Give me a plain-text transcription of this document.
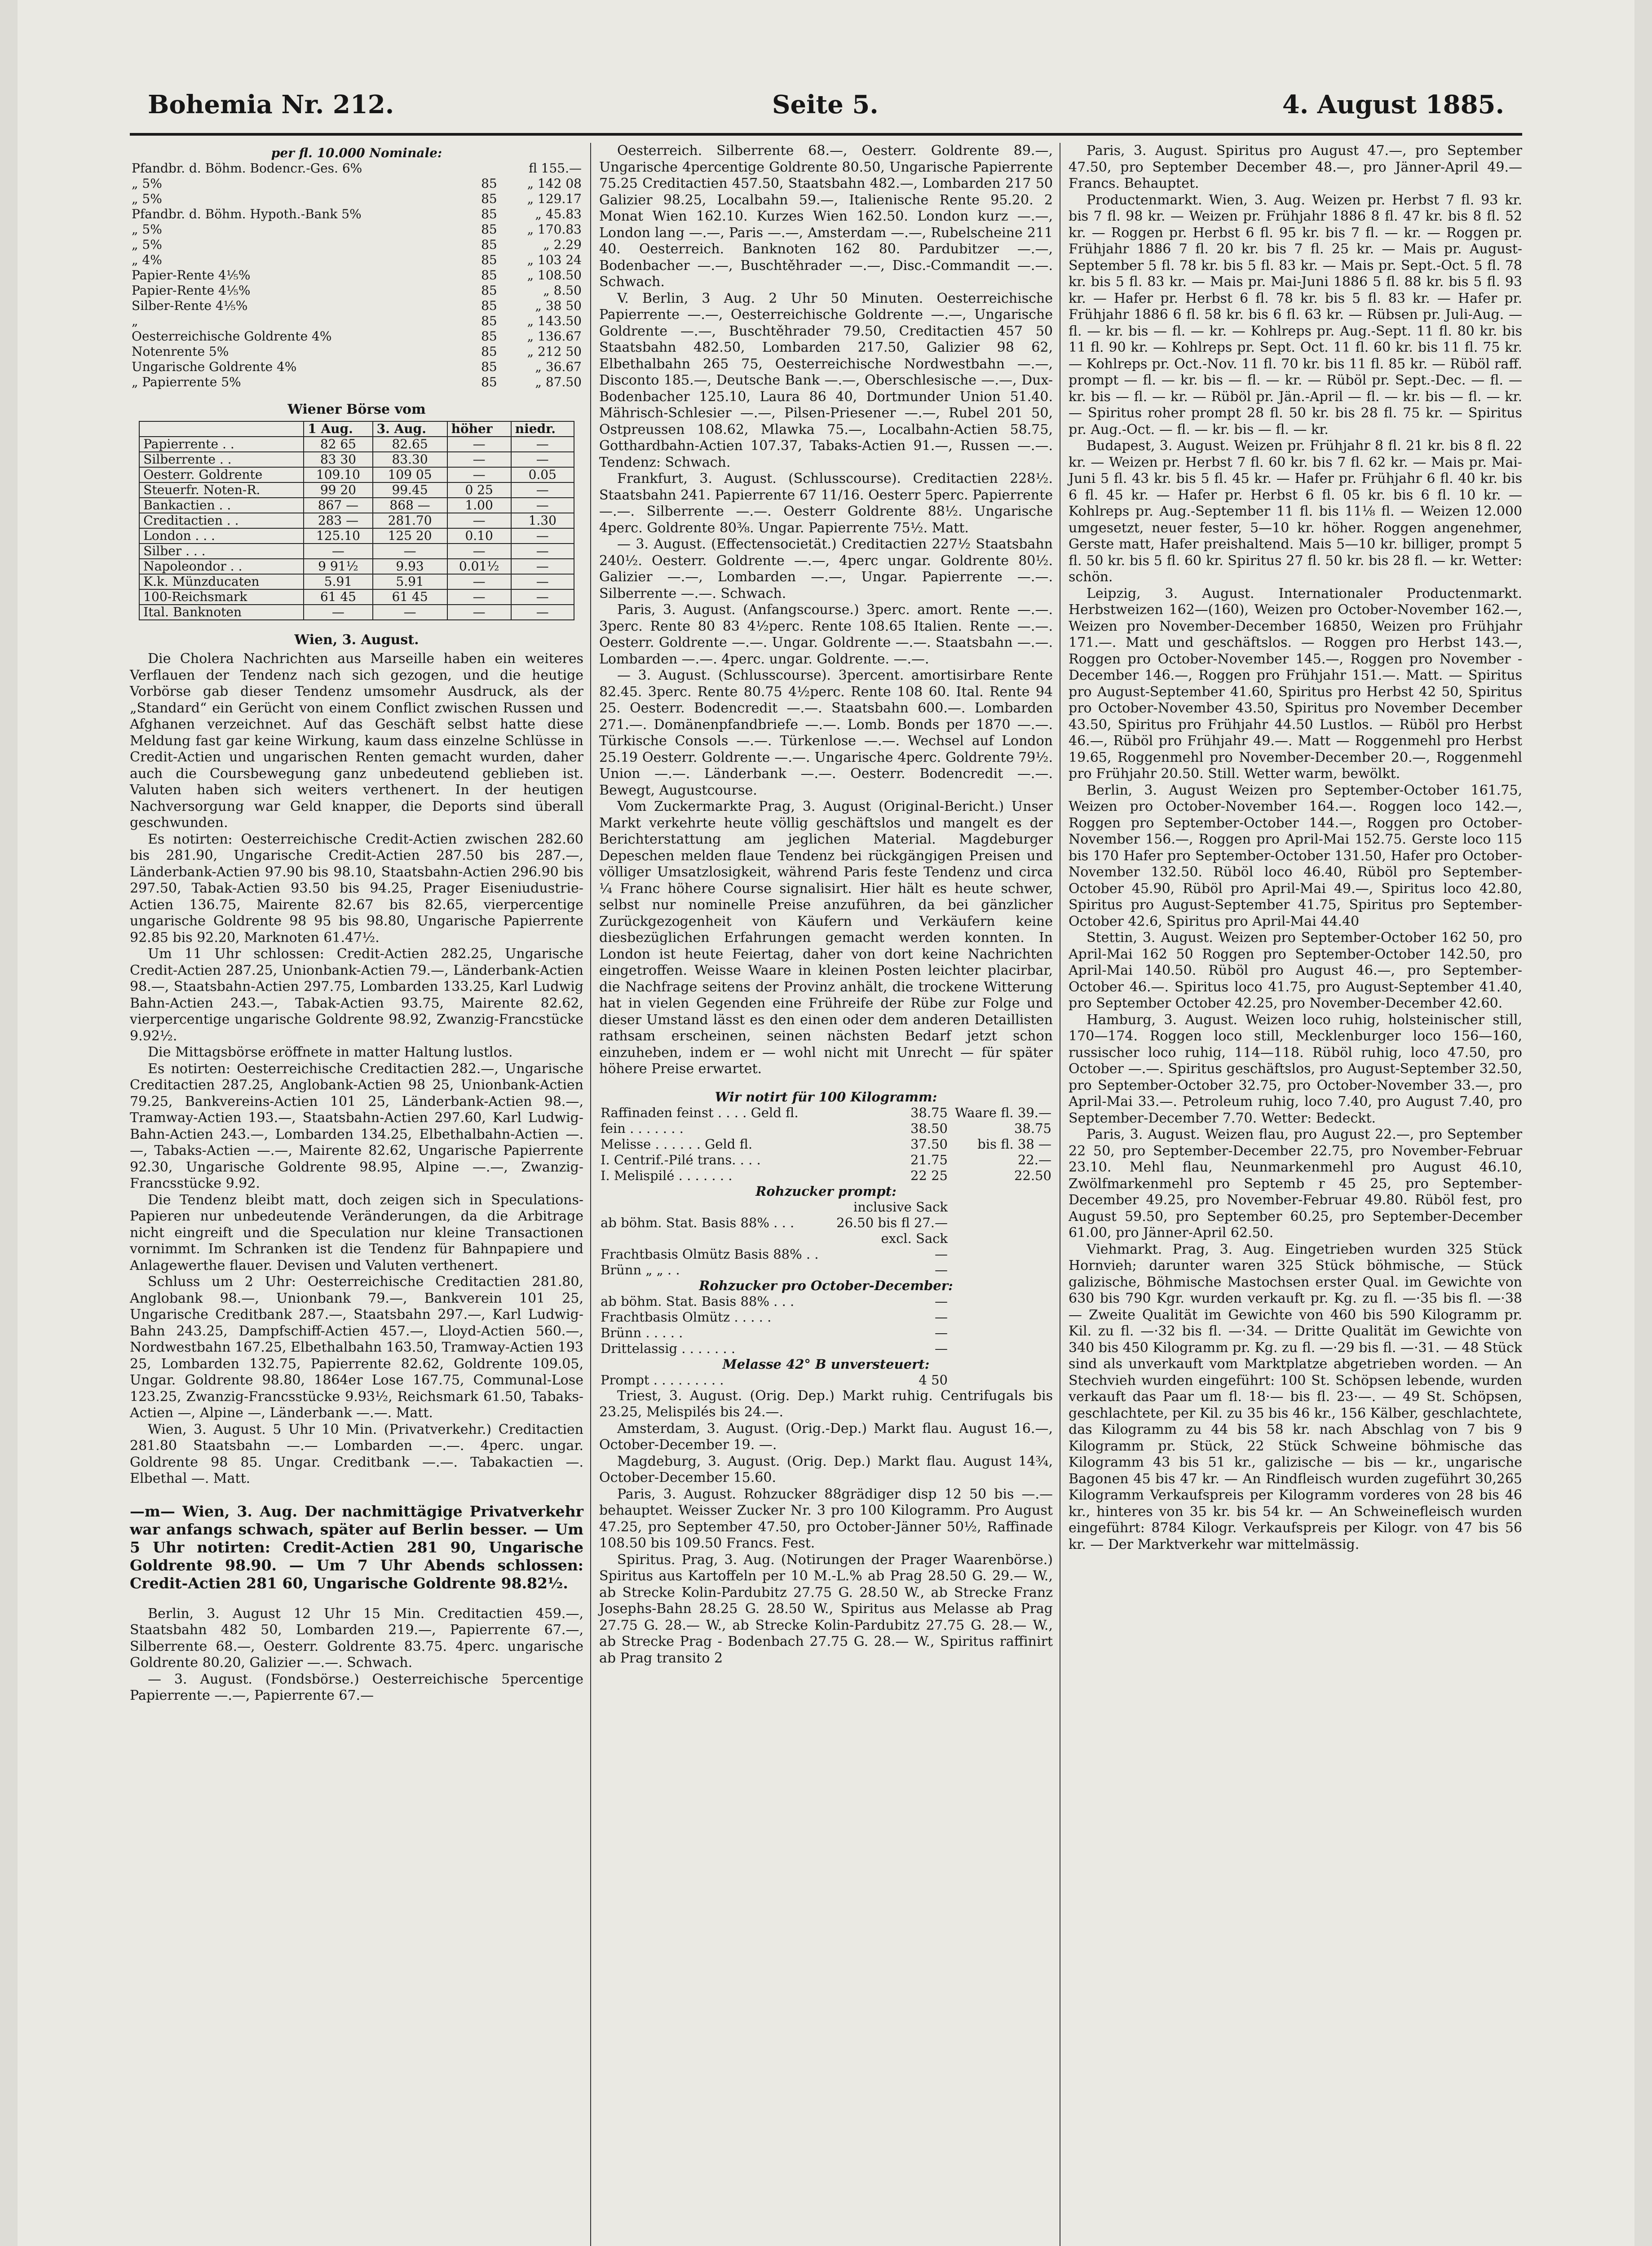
Bohemia Nr. 212.	Seite 5.	4. August 1885.
per fl. 10.000 Nominale:		
Pfandbr. d. Böhm. Bodencr.-Ges. 6%		fl 155.—
„ 5%	85	„ 142 08
„ 5%	85	„ 129.17
Pfandbr. d. Böhm. Hypoth.-Bank 5%	85	„ 45.83
„ 5%	85	„ 170.83
„ 5%	85	„ 2.29
„ 4%	85	„ 103 24
Papier-Rente 4⅕%	85	„ 108.50
Papier-Rente 4⅕%	85	„ 8.50
Silber-Rente 4⅕%	85	„ 38 50
„	85	„ 143.50
Oesterreichische Goldrente 4%	85	„ 136.67
Notenrente 5%	85	„ 212 50
Ungarische Goldrente 4%	85	„ 36.67
„ Papierrente 5%	85	„ 87.50
Wiener Börse vom
	1 Aug.	3. Aug.	höher	niedr.
Papierrente . .	82 65	82.65	—	—
Silberrente . .	83 30	83.30	—	—
Oesterr. Goldrente	109.10	109 05	—	0.05
Steuerfr. Noten-R.	99 20	99.45	0 25	—
Bankactien . .	867 —	868 —	1.00	—
Creditactien . .	283 —	281.70	—	1.30
London . . .	125.10	125 20	0.10	—
Silber . . .	—	—	—	—
Napoleondor . .	9 91½	9.93	0.01½	—
K.k. Münzducaten	5.91	5.91	—	—
100-Reichsmark	61 45	61 45	—	—
Ital. Banknoten	—	—	—	—
Wien, 3. August.

Die Cholera Nachrichten aus Marseille haben ein weiteres Verflauen der Tendenz nach sich gezogen, und die heutige Vorbörse gab dieser Tendenz umsomehr Ausdruck, als der „Standard“ ein Gerücht von einem Conflict zwischen Russen und Afghanen verzeichnet. Auf das Geschäft selbst hatte diese Meldung fast gar keine Wirkung, kaum dass einzelne Schlüsse in Credit-Actien und ungarischen Renten gemacht wurden, daher auch die Coursbewegung ganz unbedeutend geblieben ist. Valuten haben sich weiters verthenert. In der heutigen Nachversorgung war Geld knapper, die Deports sind überall geschwunden.

Es notirten: Oesterreichische Credit-Actien zwischen 282.60 bis 281.90, Ungarische Credit-Actien 287.50 bis 287.—, Länderbank-Actien 97.90 bis 98.10, Staatsbahn-Actien 296.90 bis 297.50, Tabak-Actien 93.50 bis 94.25, Prager Eiseniudustrie-Actien 136.75, Mairente 82.67 bis 82.65, vierpercentige ungarische Goldrente 98 95 bis 98.80, Ungarische Papierrente 92.85 bis 92.20, Marknoten 61.47½.

Um 11 Uhr schlossen: Credit-Actien 282.25, Ungarische Credit-Actien 287.25, Unionbank-Actien 79.—, Länderbank-Actien 98.—, Staatsbahn-Actien 297.75, Lombarden 133.25, Karl Ludwig Bahn-Actien 243.—, Tabak-Actien 93.75, Mairente 82.62, vierpercentige ungarische Goldrente 98.92, Zwanzig-Francstücke 9.92½.

Die Mittagsbörse eröffnete in matter Haltung lustlos.

Es notirten: Oesterreichische Creditactien 282.—, Ungarische Creditactien 287.25, Anglobank-Actien 98 25, Unionbank-Actien 79.25, Bankvereins-Actien 101 25, Länderbank-Actien 98.—, Tramway-Actien 193.—, Staatsbahn-Actien 297.60, Karl Ludwig-Bahn-Actien 243.—, Lombarden 134.25, Elbethalbahn-Actien —.—, Tabaks-Actien —.—, Mairente 82.62, Ungarische Papierrente 92.30, Ungarische Goldrente 98.95, Alpine —.—, Zwanzig-Francsstücke 9.92.

Die Tendenz bleibt matt, doch zeigen sich in Speculations-Papieren nur unbedeutende Veränderungen, da die Arbitrage nicht eingreift und die Speculation nur kleine Transactionen vornimmt. Im Schranken ist die Tendenz für Bahnpapiere und Anlagewerthe flauer. Devisen und Valuten verthenert.

Schluss um 2 Uhr: Oesterreichische Creditactien 281.80, Anglobank 98.—, Unionbank 79.—, Bankverein 101 25, Ungarische Creditbank 287.—, Staatsbahn 297.—, Karl Ludwig-Bahn 243.25, Dampfschiff-Actien 457.—, Lloyd-Actien 560.—, Nordwestbahn 167.25, Elbethalbahn 163.50, Tramway-Actien 193 25, Lombarden 132.75, Papierrente 82.62, Goldrente 109.05, Ungar. Goldrente 98.80, 1864er Lose 167.75, Communal-Lose 123.25, Zwanzig-Francsstücke 9.93½, Reichsmark 61.50, Tabaks-Actien —, Alpine —, Länderbank —.—. Matt.

Wien, 3. August. 5 Uhr 10 Min. (Privatverkehr.) Creditactien 281.80 Staatsbahn —.— Lombarden —.—. 4perc. ungar. Goldrente 98 85. Ungar. Creditbank —.—. Tabakactien —. Elbethal —. Matt.

—m— Wien, 3. Aug. Der nachmittägige Privatverkehr war anfangs schwach, später auf Berlin besser. — Um 5 Uhr notirten: Credit-Actien 281 90, Ungarische Goldrente 98.90. — Um 7 Uhr Abends schlossen: Credit-Actien 281 60, Ungarische Goldrente 98.82½.

Berlin, 3. August 12 Uhr 15 Min. Creditactien 459.—, Staatsbahn 482 50, Lombarden 219.—, Papierrente 67.—, Silberrente 68.—, Oesterr. Goldrente 83.75. 4perc. ungarische Goldrente 80.20, Galizier —.—. Schwach.

— 3. August. (Fondsbörse.) Oesterreichische 5percentige Papierrente —.—, Papierrente 67.—

Oesterreich. Silberrente 68.—, Oesterr. Goldrente 89.—, Ungarische 4percentige Goldrente 80.50, Ungarische Papierrente 75.25 Creditactien 457.50, Staatsbahn 482.—, Lombarden 217 50 Galizier 98.25, Localbahn 59.—, Italienische Rente 95.20. 2 Monat Wien 162.10. Kurzes Wien 162.50. London kurz —.—, London lang —.—, Paris —.—, Amsterdam —.—, Rubelscheine 211 40. Oesterreich. Banknoten 162 80. Pardubitzer —.—, Bodenbacher —.—, Buschtěhrader —.—, Disc.-Commandit —.—. Schwach.

V. Berlin, 3 Aug. 2 Uhr 50 Minuten. Oesterreichische Papierrente —.—, Oesterreichische Goldrente —.—, Ungarische Goldrente —.—, Buschtěhrader 79.50, Creditactien 457 50 Staatsbahn 482.50, Lombarden 217.50, Galizier 98 62, Elbethalbahn 265 75, Oesterreichische Nordwestbahn —.—, Disconto 185.—, Deutsche Bank —.—, Oberschlesische —.—, Dux-Bodenbacher 125.10, Laura 86 40, Dortmunder Union 51.40. Mährisch-Schlesier —.—, Pilsen-Priesener —.—, Rubel 201 50, Ostpreussen 108.62, Mlawka 75.—, Localbahn-Actien 58.75, Gotthardbahn-Actien 107.37, Tabaks-Actien 91.—, Russen —.—. Tendenz: Schwach.

Frankfurt, 3. August. (Schlusscourse). Creditactien 228½. Staatsbahn 241. Papierrente 67 11/16. Oesterr 5perc. Papierrente —.—. Silberrente —.—. Oesterr Goldrente 88½. Ungarische 4perc. Goldrente 80⅜. Ungar. Papierrente 75½. Matt.

— 3. August. (Effectensocietät.) Creditactien 227½ Staatsbahn 240½. Oesterr. Goldrente —.—, 4perc ungar. Goldrente 80½. Galizier —.—, Lombarden —.—, Ungar. Papierrente —.—. Silberrente —.—. Schwach.

Paris, 3. August. (Anfangscourse.) 3perc. amort. Rente —.—. 3perc. Rente 80 83 4½perc. Rente 108.65 Italien. Rente —.—. Oesterr. Goldrente —.—. Ungar. Goldrente —.—. Staatsbahn —.—. Lombarden —.—. 4perc. ungar. Goldrente. —.—.

— 3. August. (Schlusscourse). 3percent. amortisirbare Rente 82.45. 3perc. Rente 80.75 4½perc. Rente 108 60. Ital. Rente 94 25. Oesterr. Bodencredit —.—. Staatsbahn 600.—. Lombarden 271.—. Domänenpfandbriefe —.—. Lomb. Bonds per 1870 —.—. Türkische Consols —.—. Türkenlose —.—. Wechsel auf London 25.19 Oesterr. Goldrente —.—. Ungarische 4perc. Goldrente 79½. Union —.—. Länderbank —.—. Oesterr. Bodencredit —.—. Bewegt, Augustcourse.

Vom Zuckermarkte Prag, 3. August (Original-Bericht.) Unser Markt verkehrte heute völlig geschäftslos und mangelt es der Berichterstattung am jeglichen Material. Magdeburger Depeschen melden flaue Tendenz bei rückgängigen Preisen und völliger Umsatzlosigkeit, während Paris feste Tendenz und circa ¼ Franc höhere Course signalisirt. Hier hält es heute schwer, selbst nur nominelle Preise anzuführen, da bei gänzlicher Zurückgezogenheit von Käufern und Verkäufern keine diesbezüglichen Erfahrungen gemacht werden konnten. In London ist heute Feiertag, daher von dort keine Nachrichten eingetroffen. Weisse Waare in kleinen Posten leichter placirbar, die Nachfrage seitens der Provinz anhält, die trockene Witterung hat in vielen Gegenden eine Frühreife der Rübe zur Folge und dieser Umstand lässt es den einen oder dem anderen Detaillisten rathsam erscheinen, seinen nächsten Bedarf jetzt schon einzuheben, indem er — wohl nicht mit Unrecht — für später höhere Preise erwartet.

Wir notirt für 100 Kilogramm:		
Raffinaden feinst . . . . Geld fl.	38.75	Waare fl. 39.—
fein . . . . . . .	38.50	38.75
Melisse . . . . . . Geld fl.	37.50	bis fl. 38 —
I. Centrif.-Pilé trans. . . .	21.75	22.—
I. Melispilé . . . . . . .	22 25	22.50
Rohzucker prompt:		
	inclusive Sack	
ab böhm. Stat. Basis 88% . . .	26.50 bis fl 27.—	
	excl. Sack	
Frachtbasis Olmütz Basis 88% . .	—	
Brünn „ „ . .	—	
Rohzucker pro October-December:		
ab böhm. Stat. Basis 88% . . .	—	
Frachtbasis Olmütz . . . . .	—	
Brünn . . . . .	—	
Drittelassig . . . . . . .	—	
Melasse 42° B unversteuert:		
Prompt . . . . . . . . .	4 50	

Triest, 3. August. (Orig. Dep.) Markt ruhig. Centrifugals bis 23.25, Melispilés bis 24.—.

Amsterdam, 3. August. (Orig.-Dep.) Markt flau. August 16.—, October-December 19. —.

Magdeburg, 3. August. (Orig. Dep.) Markt flau. August 14¾, October-December 15.60.

Paris, 3. August. Rohzucker 88grädiger disp 12 50 bis —.— behauptet. Weisser Zucker Nr. 3 pro 100 Kilogramm. Pro August 47.25, pro September 47.50, pro October-Jänner 50½, Raffinade 108.50 bis 109.50 Francs. Fest.

Spiritus. Prag, 3. Aug. (Notirungen der Prager Waarenbörse.) Spiritus aus Kartoffeln per 10 M.-L.% ab Prag 28.50 G. 29.— W., ab Strecke Kolin-Pardubitz 27.75 G. 28.50 W., ab Strecke Franz Josephs-Bahn 28.25 G. 28.50 W., Spiritus aus Melasse ab Prag 27.75 G. 28.— W., ab Strecke Kolin-Pardubitz 27.75 G. 28.— W., ab Strecke Prag - Bodenbach 27.75 G. 28.— W., Spiritus raffinirt ab Prag transito 2

Paris, 3. August. Spiritus pro August 47.—, pro September 47.50, pro September December 48.—, pro Jänner-April 49.— Francs. Behauptet.

Productenmarkt. Wien, 3. Aug. Weizen pr. Herbst 7 fl. 93 kr. bis 7 fl. 98 kr. — Weizen pr. Frühjahr 1886 8 fl. 47 kr. bis 8 fl. 52 kr. — Roggen pr. Herbst 6 fl. 95 kr. bis 7 fl. — kr. — Roggen pr. Frühjahr 1886 7 fl. 20 kr. bis 7 fl. 25 kr. — Mais pr. August-September 5 fl. 78 kr. bis 5 fl. 83 kr. — Mais pr. Sept.-Oct. 5 fl. 78 kr. bis 5 fl. 83 kr. — Mais pr. Mai-Juni 1886 5 fl. 88 kr. bis 5 fl. 93 kr. — Hafer pr. Herbst 6 fl. 78 kr. bis 5 fl. 83 kr. — Hafer pr. Frühjahr 1886 6 fl. 58 kr. bis 6 fl. 63 kr. — Rübsen pr. Juli-Aug. — fl. — kr. bis — fl. — kr. — Kohlreps pr. Aug.-Sept. 11 fl. 80 kr. bis 11 fl. 90 kr. — Kohlreps pr. Sept. Oct. 11 fl. 60 kr. bis 11 fl. 75 kr. — Kohlreps pr. Oct.-Nov. 11 fl. 70 kr. bis 11 fl. 85 kr. — Rüböl raff. prompt — fl. — kr. bis — fl. — kr. — Rüböl pr. Sept.-Dec. — fl. — kr. bis — fl. — kr. — Rüböl pr. Jän.-April — fl. — kr. bis — fl. — kr. — Spiritus roher prompt 28 fl. 50 kr. bis 28 fl. 75 kr. — Spiritus pr. Aug.-Oct. — fl. — kr. bis — fl. — kr.

Budapest, 3. August. Weizen pr. Frühjahr 8 fl. 21 kr. bis 8 fl. 22 kr. — Weizen pr. Herbst 7 fl. 60 kr. bis 7 fl. 62 kr. — Mais pr. Mai-Juni 5 fl. 43 kr. bis 5 fl. 45 kr. — Hafer pr. Frühjahr 6 fl. 40 kr. bis 6 fl. 45 kr. — Hafer pr. Herbst 6 fl. 05 kr. bis 6 fl. 10 kr. — Kohlreps pr. Aug.-September 11 fl. bis 11⅛ fl. — Weizen 12.000 umgesetzt, neuer fester, 5—10 kr. höher. Roggen angenehmer, Gerste matt, Hafer preishaltend. Mais 5—10 kr. billiger, prompt 5 fl. 50 kr. bis 5 fl. 60 kr. Spiritus 27 fl. 50 kr. bis 28 fl. — kr. Wetter: schön.

Leipzig, 3. August. Internationaler Productenmarkt. Herbstweizen 162—(160), Weizen pro October-November 162.—, Weizen pro November-December 16850, Weizen pro Frühjahr 171.—. Matt und geschäftslos. — Roggen pro Herbst 143.—, Roggen pro October-November 145.—, Roggen pro November - December 146.—, Roggen pro Frühjahr 151.—. Matt. — Spiritus pro August-September 41.60, Spiritus pro Herbst 42 50, Spiritus pro October-November 43.50, Spiritus pro November December 43.50, Spiritus pro Frühjahr 44.50 Lustlos. — Rüböl pro Herbst 46.—, Rüböl pro Frühjahr 49.—. Matt — Roggenmehl pro Herbst 19.65, Roggenmehl pro November-December 20.—, Roggenmehl pro Frühjahr 20.50. Still. Wetter warm, bewölkt.

Berlin, 3. August Weizen pro September-October 161.75, Weizen pro October-November 164.—. Roggen loco 142.—, Roggen pro September-October 144.—, Roggen pro October-November 156.—, Roggen pro April-Mai 152.75. Gerste loco 115 bis 170 Hafer pro September-October 131.50, Hafer pro October-November 132.50. Rüböl loco 46.40, Rüböl pro September-October 45.90, Rüböl pro April-Mai 49.—, Spiritus loco 42.80, Spiritus pro August-September 41.75, Spiritus pro September-October 42.6, Spiritus pro April-Mai 44.40

Stettin, 3. August. Weizen pro September-October 162 50, pro April-Mai 162 50 Roggen pro September-October 142.50, pro April-Mai 140.50. Rüböl pro August 46.—, pro September-October 46.—. Spiritus loco 41.75, pro August-September 41.40, pro September October 42.25, pro November-December 42.60.

Hamburg, 3. August. Weizen loco ruhig, holsteinischer still, 170—174. Roggen loco still, Mecklenburger loco 156—160, russischer loco ruhig, 114—118. Rüböl ruhig, loco 47.50, pro October —.—. Spiritus geschäftslos, pro August-September 32.50, pro September-October 32.75, pro October-November 33.—, pro April-Mai 33.—. Petroleum ruhig, loco 7.40, pro August 7.40, pro September-December 7.70. Wetter: Bedeckt.

Paris, 3. August. Weizen flau, pro August 22.—, pro September 22 50, pro September-December 22.75, pro November-Februar 23.10. Mehl flau, Neunmarkenmehl pro August 46.10, Zwölfmarkenmehl pro Septemb r 45 25, pro September-December 49.25, pro November-Februar 49.80. Rüböl fest, pro August 59.50, pro September 60.25, pro September-December 61.00, pro Jänner-April 62.50.

Viehmarkt. Prag, 3. Aug. Eingetrieben wurden 325 Stück Hornvieh; darunter waren 325 Stück böhmische, — Stück galizische, Böhmische Mastochsen erster Qual. im Gewichte von 630 bis 790 Kgr. wurden verkauft pr. Kg. zu fl. —·35 bis fl. —·38 — Zweite Qualität im Gewichte von 460 bis 590 Kilogramm pr. Kil. zu fl. —·32 bis fl. —·34. — Dritte Qualität im Gewichte von 340 bis 450 Kilogramm pr. Kg. zu fl. —·29 bis fl. —·31. — 48 Stück sind als unverkauft vom Marktplatze abgetrieben worden. — An Stechvieh wurden eingeführt: 100 St. Schöpsen lebende, wurden verkauft das Paar um fl. 18·— bis fl. 23·—. — 49 St. Schöpsen, geschlachtete, per Kil. zu 35 bis 46 kr., 156 Kälber, geschlachtete, das Kilogramm zu 44 bis 58 kr. nach Abschlag von 7 bis 9 Kilogramm pr. Stück, 22 Stück Schweine böhmische das Kilogramm 43 bis 51 kr., galizische — bis — kr., ungarische Bagonen 45 bis 47 kr. — An Rindfleisch wurden zugeführt 30,265 Kilogramm Verkaufspreis per Kilogramm vorderes von 28 bis 46 kr., hinteres von 35 kr. bis 54 kr. — An Schweinefleisch wurden eingeführt: 8784 Kilogr. Verkaufspreis per Kilogr. von 47 bis 56 kr. — Der Marktverkehr war mittelmässig.
